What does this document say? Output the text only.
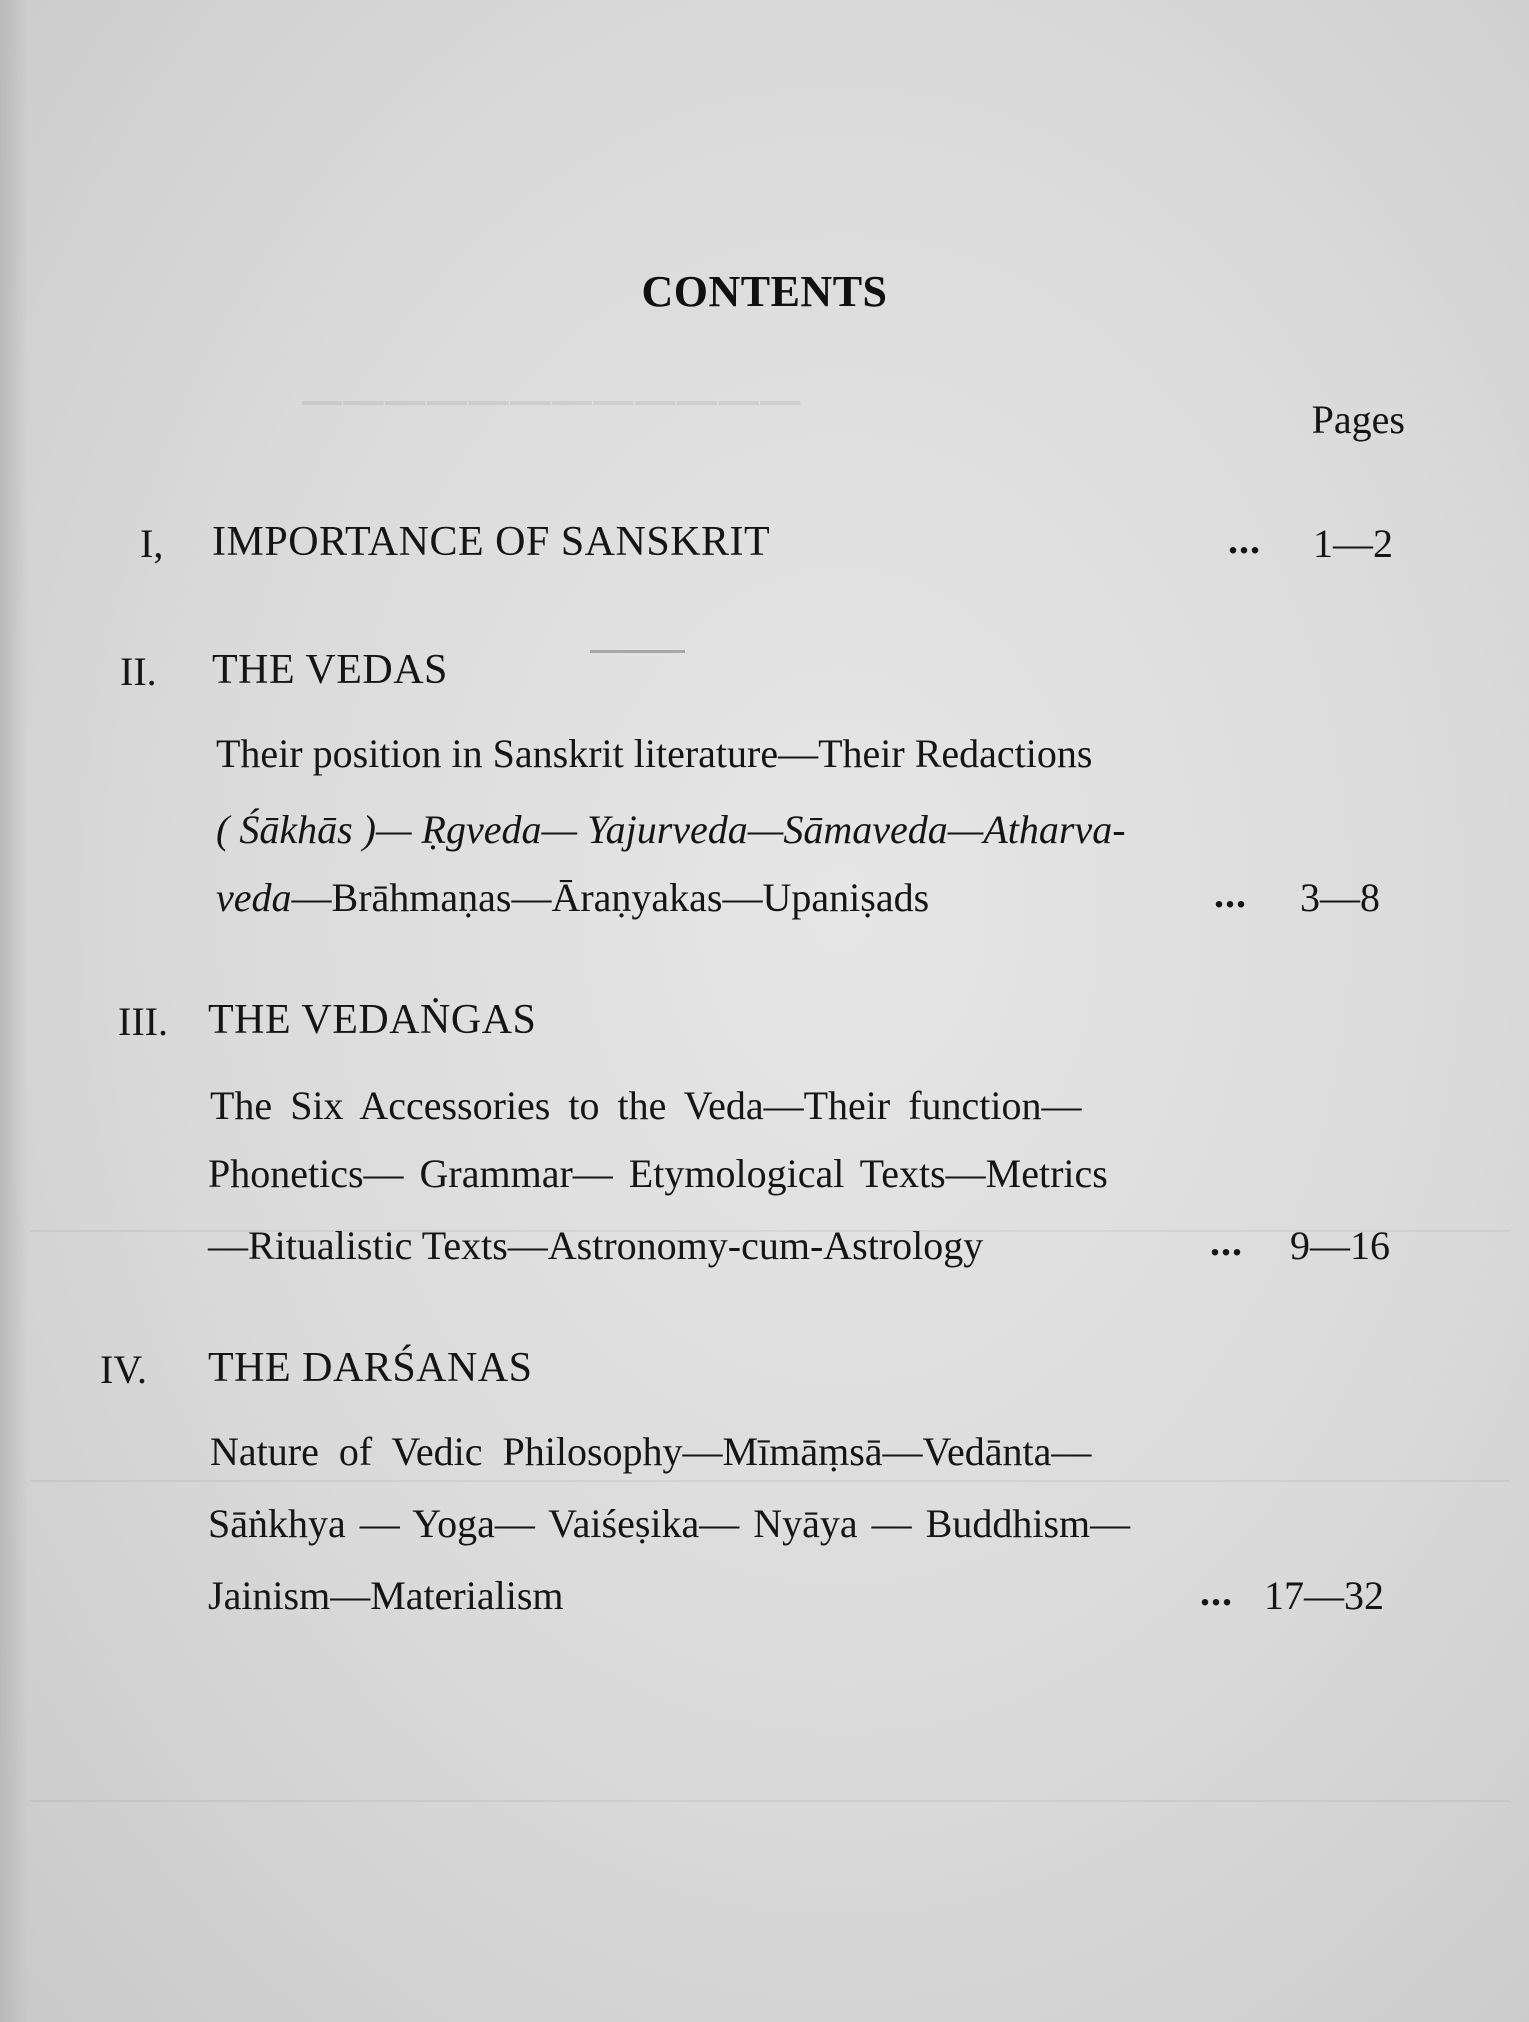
────────────
CONTENTS
Pages
I, IMPORTANCE OF SANSKRIT	... 1—2
II. THE VEDAS
Their position in Sanskrit literature—Their Redactions
( Śākhās )— Ṛgveda— Yajurveda—Sāmaveda—Atharva-
veda—Brāhmaṇas—Āraṇyakas—Upaniṣads	... 3—8
III. THE VEDAṄGAS
The Six Accessories to the Veda—Their function—
Phonetics— Grammar— Etymological Texts—Metrics
—Ritualistic Texts—Astronomy-cum-Astrology	... 9—16
IV. THE DARŚANAS
Nature of Vedic Philosophy—Mīmāṃsā—Vedānta—
Sāṅkhya — Yoga— Vaiśeṣika— Nyāya — Buddhism—
Jainism—Materialism	... 17—32
